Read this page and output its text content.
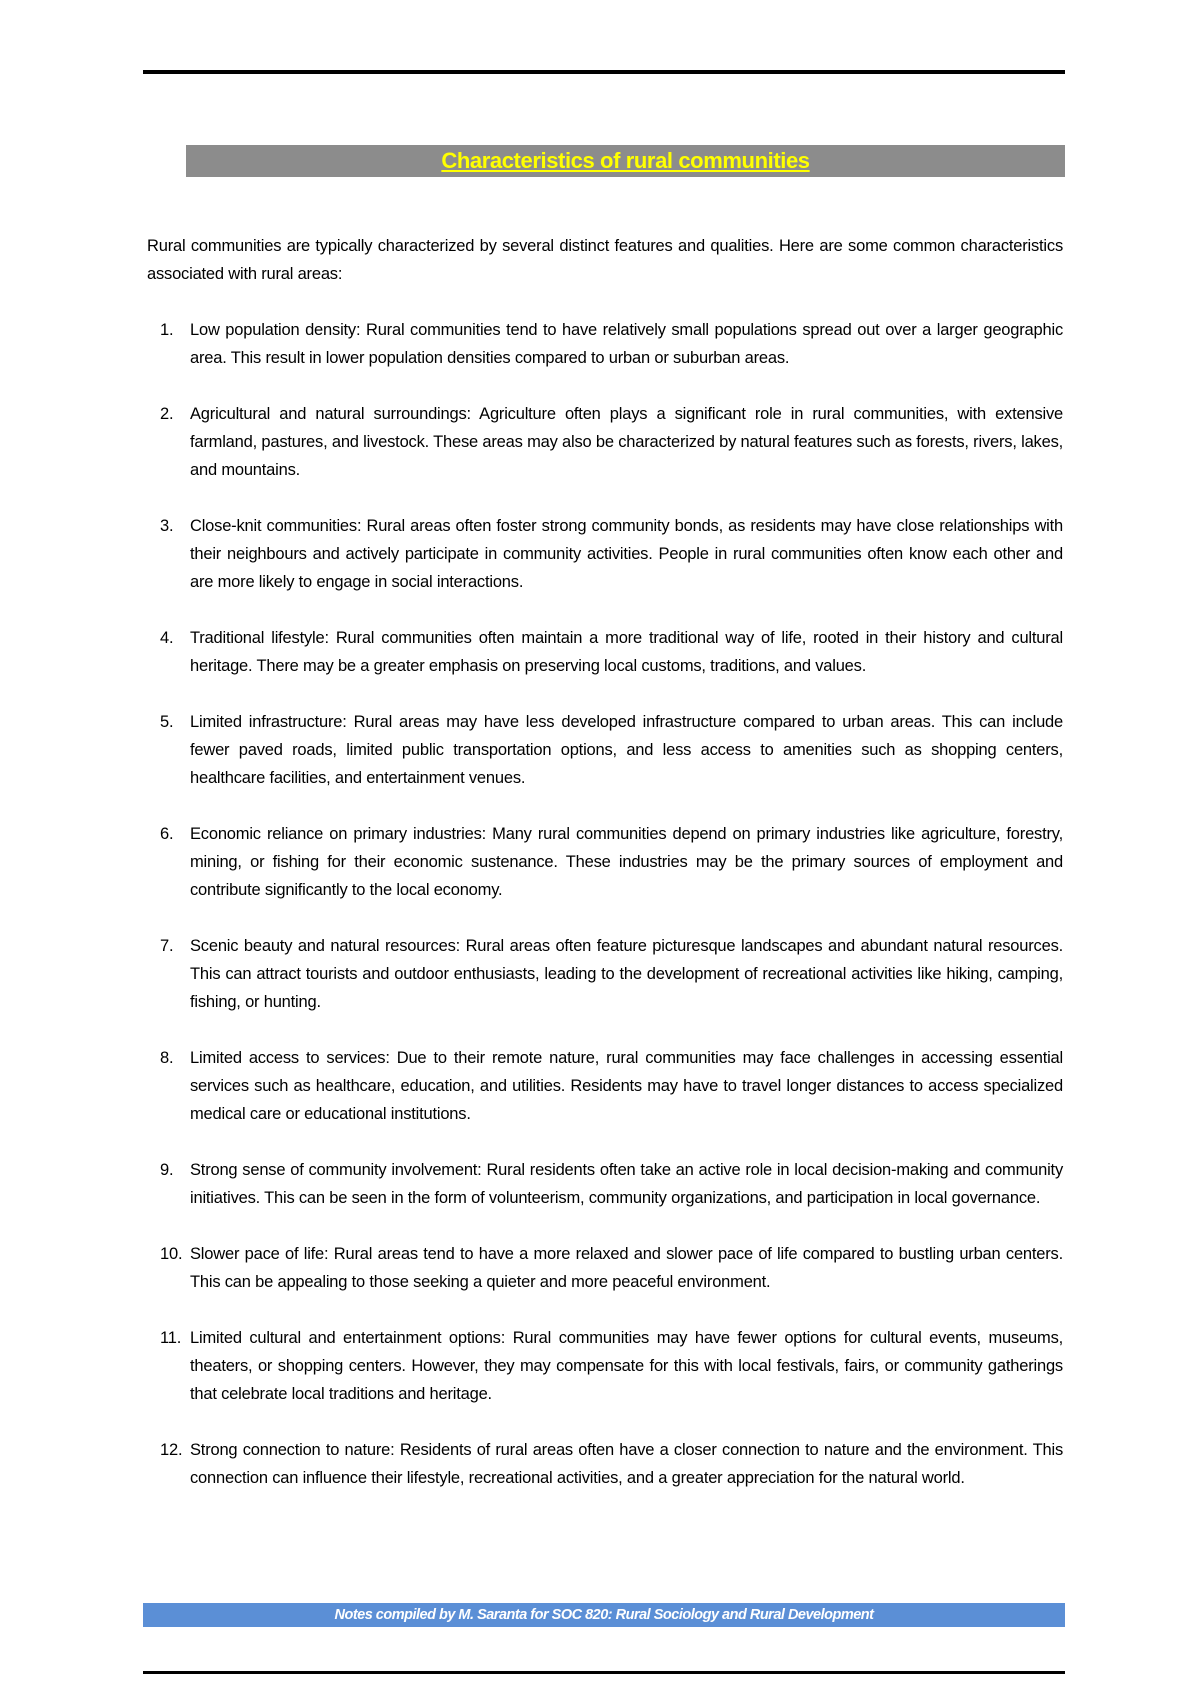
Characteristics of rural communities

Rural communities are typically characterized by several distinct features and qualities. Here are some common characteristics associated with rural areas:

1.	Low population density: Rural communities tend to have relatively small populations spread out over a larger geographic area. This result in lower population densities compared to urban or suburban areas.
2.	Agricultural and natural surroundings: Agriculture often plays a significant role in rural communities, with extensive farmland, pastures, and livestock. These areas may also be characterized by natural features such as forests, rivers, lakes, and mountains.
3.	Close-knit communities: Rural areas often foster strong community bonds, as residents may have close relationships with their neighbours and actively participate in community activities. People in rural communities often know each other and are more likely to engage in social interactions.
4.	Traditional lifestyle: Rural communities often maintain a more traditional way of life, rooted in their history and cultural heritage. There may be a greater emphasis on preserving local customs, traditions, and values.
5.	Limited infrastructure: Rural areas may have less developed infrastructure compared to urban areas. This can include fewer paved roads, limited public transportation options, and less access to amenities such as shopping centers, healthcare facilities, and entertainment venues.
6.	Economic reliance on primary industries: Many rural communities depend on primary industries like agriculture, forestry, mining, or fishing for their economic sustenance. These industries may be the primary sources of employment and contribute significantly to the local economy.
7.	Scenic beauty and natural resources: Rural areas often feature picturesque landscapes and abundant natural resources. This can attract tourists and outdoor enthusiasts, leading to the development of recreational activities like hiking, camping, fishing, or hunting.
8.	Limited access to services: Due to their remote nature, rural communities may face challenges in accessing essential services such as healthcare, education, and utilities. Residents may have to travel longer distances to access specialized medical care or educational institutions.
9.	Strong sense of community involvement: Rural residents often take an active role in local decision-making and community initiatives. This can be seen in the form of volunteerism, community organizations, and participation in local governance.
10. Slower pace of life: Rural areas tend to have a more relaxed and slower pace of life compared to bustling urban centers. This can be appealing to those seeking a quieter and more peaceful environment.
11. Limited cultural and entertainment options: Rural communities may have fewer options for cultural events, museums, theaters, or shopping centers. However, they may compensate for this with local festivals, fairs, or community gatherings that celebrate local traditions and heritage.
12. Strong connection to nature: Residents of rural areas often have a closer connection to nature and the environment. This connection can influence their lifestyle, recreational activities, and a greater appreciation for the natural world.
Notes compiled by M. Saranta for SOC 820: Rural Sociology and Rural Development
